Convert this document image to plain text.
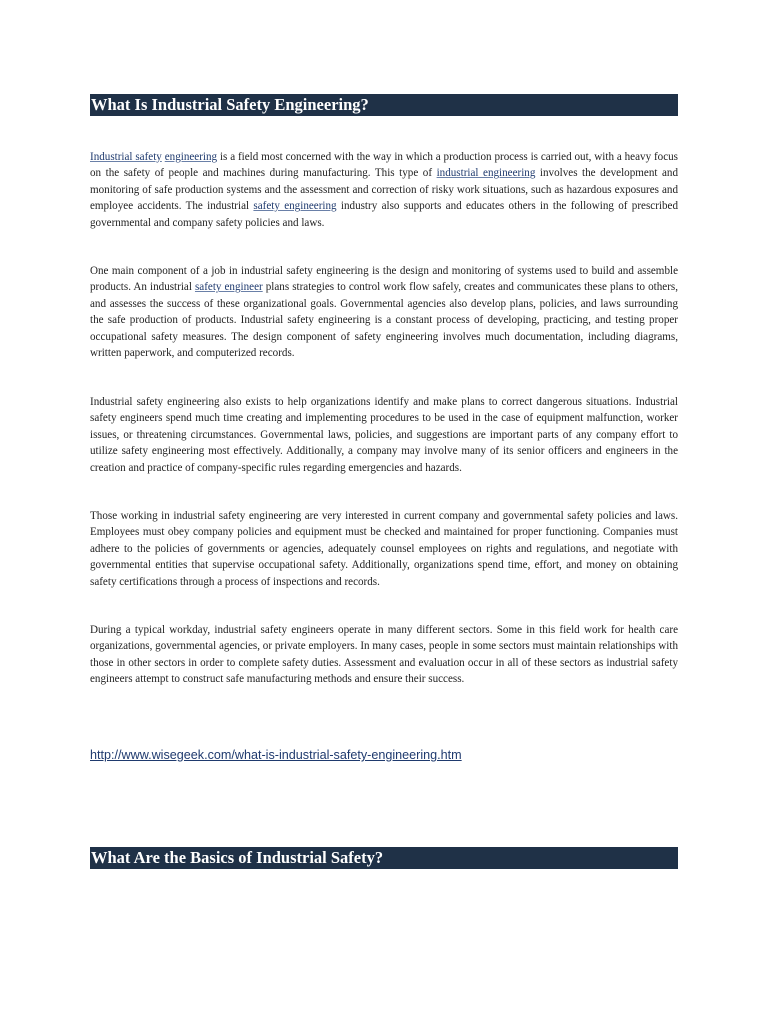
What Is Industrial Safety Engineering?

Industrial safety engineering is a field most concerned with the way in which a production process is carried out, with a heavy focus on the safety of people and machines during manufacturing. This type of industrial engineering involves the development and monitoring of safe production systems and the assessment and correction of risky work situations, such as hazardous exposures and employee accidents. The industrial safety engineering industry also supports and educates others in the following of prescribed governmental and company safety policies and laws.

One main component of a job in industrial safety engineering is the design and monitoring of systems used to build and assemble products. An industrial safety engineer plans strategies to control work flow safely, creates and communicates these plans to others, and assesses the success of these organizational goals. Governmental agencies also develop plans, policies, and laws surrounding the safe production of products. Industrial safety engineering is a constant process of developing, practicing, and testing proper occupational safety measures. The design component of safety engineering involves much documentation, including diagrams, written paperwork, and computerized records.

Industrial safety engineering also exists to help organizations identify and make plans to correct dangerous situations. Industrial safety engineers spend much time creating and implementing procedures to be used in the case of equipment malfunction, worker issues, or threatening circumstances. Governmental laws, policies, and suggestions are important parts of any company effort to utilize safety engineering most effectively. Additionally, a company may involve many of its senior officers and engineers in the creation and practice of company-specific rules regarding emergencies and hazards.

Those working in industrial safety engineering are very interested in current company and governmental safety policies and laws. Employees must obey company policies and equipment must be checked and maintained for proper functioning. Companies must adhere to the policies of governments or agencies, adequately counsel employees on rights and regulations, and negotiate with governmental entities that supervise occupational safety. Additionally, organizations spend time, effort, and money on obtaining safety certifications through a process of inspections and records.

During a typical workday, industrial safety engineers operate in many different sectors. Some in this field work for health care organizations, governmental agencies, or private employers. In many cases, people in some sectors must maintain relationships with those in other sectors in order to complete safety duties. Assessment and evaluation occur in all of these sectors as industrial safety engineers attempt to construct safe manufacturing methods and ensure their success.

http://www.wisegeek.com/what-is-industrial-safety-engineering.htm
What Are the Basics of Industrial Safety?
